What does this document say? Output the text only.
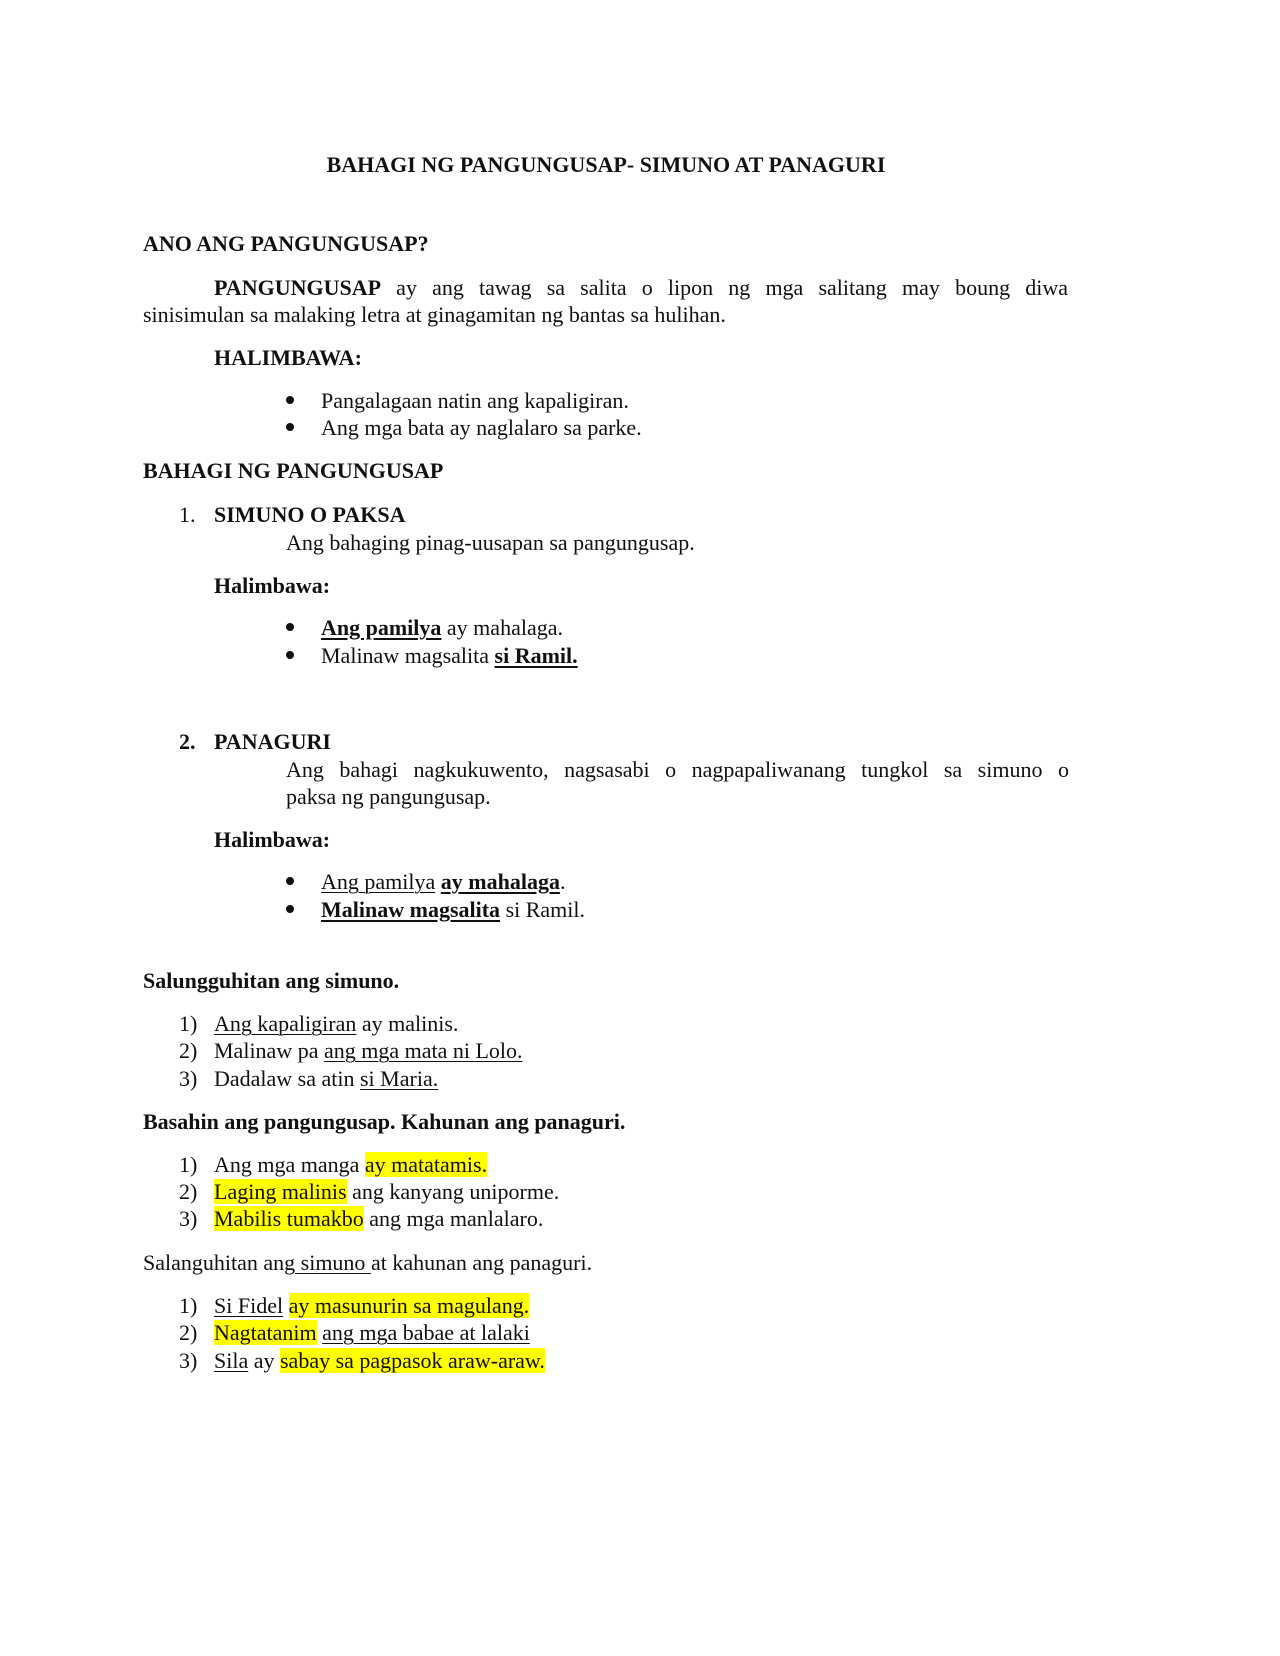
BAHAGI NG PANGUNGUSAP- SIMUNO AT PANAGURI
ANO ANG PANGUNGUSAP?
PANGUNGUSAP ay ang tawag sa salita o lipon ng mga salitang may boung diwa
sinisimulan sa malaking letra at ginagamitan ng bantas sa hulihan.
HALIMBAWA:
Pangalagaan natin ang kapaligiran.
Ang mga bata ay naglalaro sa parke.
BAHAGI NG PANGUNGUSAP
1. SIMUNO O PAKSA
Ang bahaging pinag-uusapan sa pangungusap.
Halimbawa:
Ang pamilya ay mahalaga.
Malinaw magsalita si Ramil.
2. PANAGURI
Ang bahagi nagkukuwento, nagsasabi o nagpapaliwanang tungkol sa simuno o
paksa ng pangungusap.
Halimbawa:
Ang pamilya ay mahalaga.
Malinaw magsalita si Ramil.
Salungguhitan ang simuno.
1) Ang kapaligiran ay malinis.
2) Malinaw pa ang mga mata ni Lolo.
3) Dadalaw sa atin si Maria.
Basahin ang pangungusap. Kahunan ang panaguri.
1) Ang mga manga ay matatamis.
2) Laging malinis ang kanyang uniporme.
3) Mabilis tumakbo ang mga manlalaro.
Salanguhitan ang simuno at kahunan ang panaguri.
1) Si Fidel ay masunurin sa magulang.
2) Nagtatanim ang mga babae at lalaki
3) Sila ay sabay sa pagpasok araw-araw.
